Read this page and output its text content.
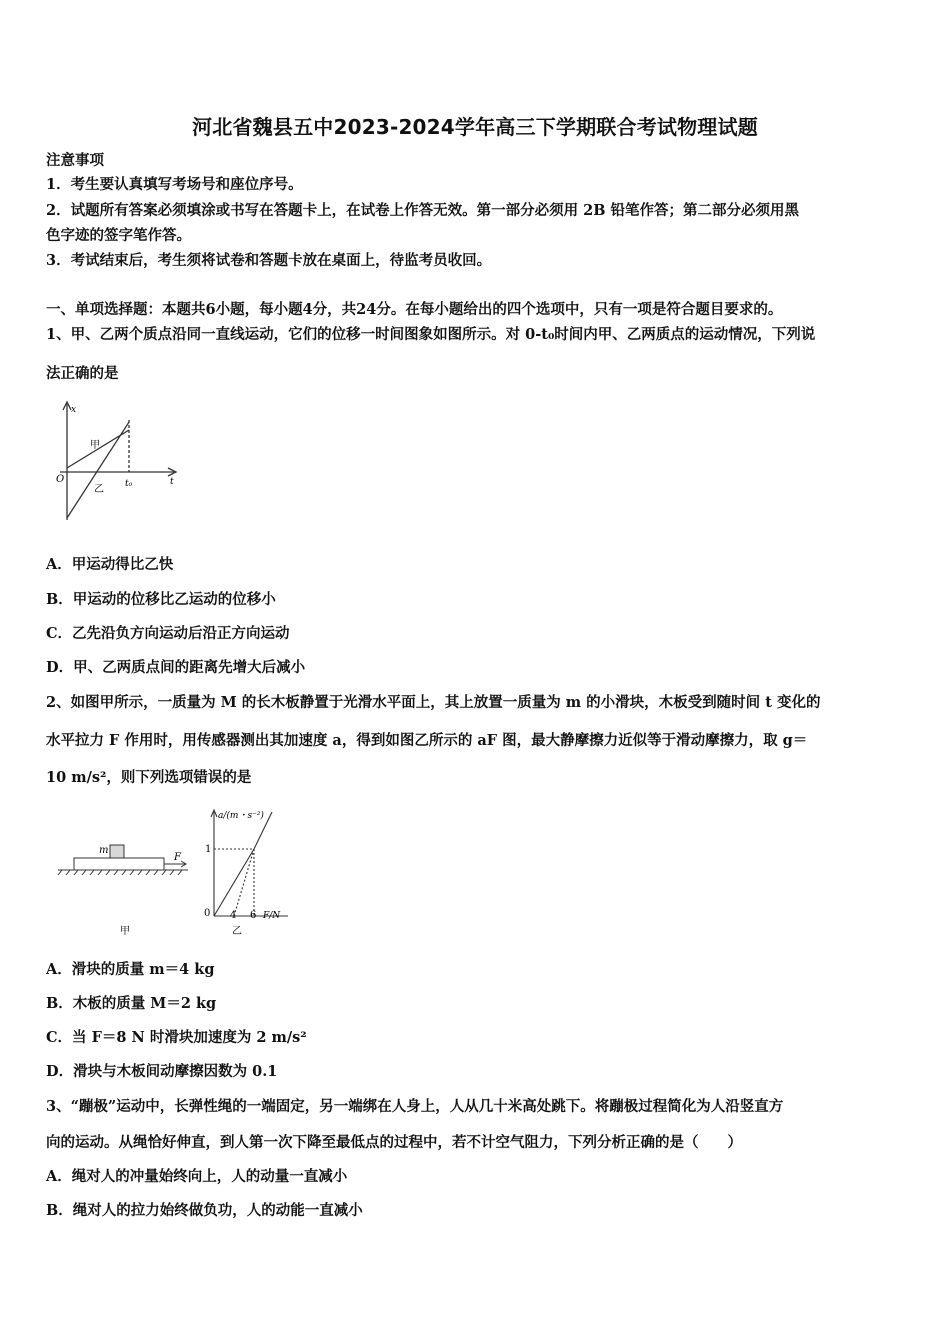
河北省魏县五中2023-2024学年高三下学期联合考试物理试题
注意事项
1．考生要认真填写考场号和座位序号。
2．试题所有答案必须填涂或书写在答题卡上，在试卷上作答无效。第一部分必须用 2B 铅笔作答；第二部分必须用黑
色字迹的签字笔作答。
3．考试结束后，考生须将试卷和答题卡放在桌面上，待监考员收回。
一、单项选择题：本题共6小题，每小题4分，共24分。在每小题给出的四个选项中，只有一项是符合题目要求的。
1、甲、乙两个质点沿同一直线运动，它们的位移一时间图象如图所示。对 0-t₀时间内甲、乙两质点的运动情况，下列说
法正确的是
x
t
O	t₀
甲
乙
A．甲运动得比乙快
B．甲运动的位移比乙运动的位移小
C．乙先沿负方向运动后沿正方向运动
D．甲、乙两质点间的距离先增大后减小
2、如图甲所示，一质量为 M 的长木板静置于光滑水平面上，其上放置一质量为 m 的小滑块，木板受到随时间 t 变化的
水平拉力 F 作用时，用传感器测出其加速度 a，得到如图乙所示的 aF 图，最大静摩擦力近似等于滑动摩擦力，取 g＝
10 m/s²，则下列选项错误的是
m
F
甲
a/(m・s⁻²)
F/N
0
1
4 6
乙
A．滑块的质量 m＝4 kg
B．木板的质量 M＝2 kg
C．当 F＝8 N 时滑块加速度为 2 m/s²
D．滑块与木板间动摩擦因数为 0.1
3、“蹦极”运动中，长弹性绳的一端固定，另一端绑在人身上，人从几十米高处跳下。将蹦极过程简化为人沿竖直方
向的运动。从绳恰好伸直，到人第一次下降至最低点的过程中，若不计空气阻力，下列分析正确的是（　　）
A．绳对人的冲量始终向上，人的动量一直减小
B．绳对人的拉力始终做负功，人的动能一直减小
